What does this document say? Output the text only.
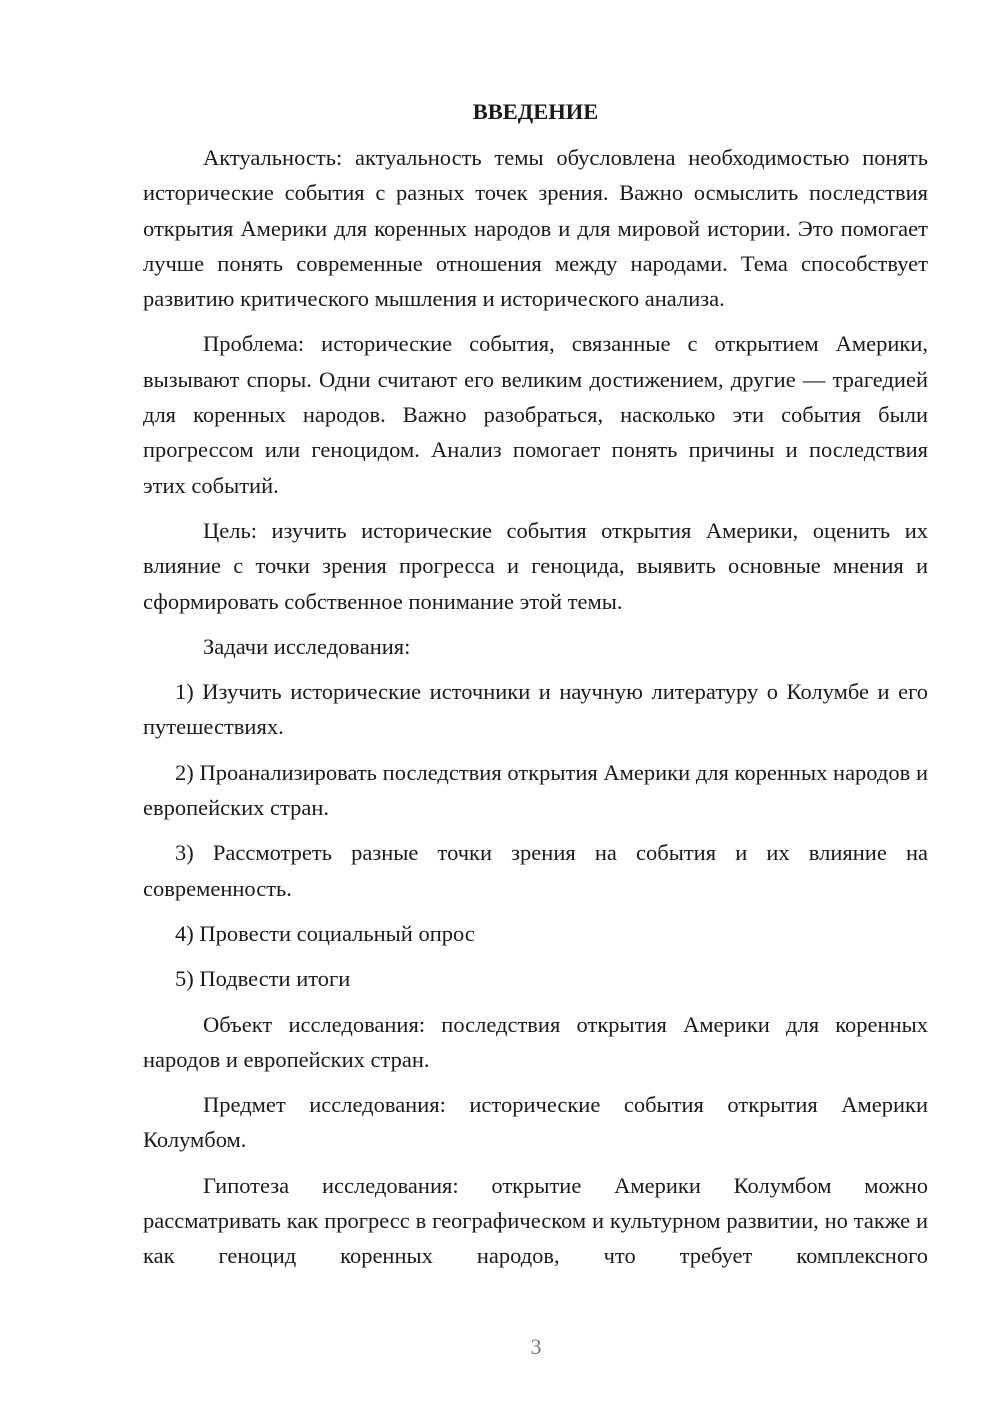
ВВЕДЕНИЕ

Актуальность: актуальность темы обусловлена необходимостью понять исторические события с разных точек зрения. Важно осмыслить последствия открытия Америки для коренных народов и для мировой истории. Это помогает лучше понять современные отношения между народами. Тема способствует развитию критического мышления и исторического анализа.

Проблема: исторические события, связанные с открытием Америки, вызывают споры. Одни считают его великим достижением, другие — трагедией для коренных народов. Важно разобраться, насколько эти события были прогрессом или геноцидом. Анализ помогает понять причины и последствия этих событий.

Цель: изучить исторические события открытия Америки, оценить их влияние с точки зрения прогресса и геноцида, выявить основные мнения и сформировать собственное понимание этой темы.

Задачи исследования:

1) Изучить исторические источники и научную литературу о Колумбе и его путешествиях.

2) Проанализировать последствия открытия Америки для коренных народов и европейских стран.

3) Рассмотреть разные точки зрения на события и их влияние на современность.

4) Провести социальный опрос

5) Подвести итоги

Объект исследования: последствия открытия Америки для коренных народов и европейских стран.

Предмет исследования: исторические события открытия Америки Колумбом.

Гипотеза исследования: открытие Америки Колумбом можно рассматривать как прогресс в географическом и культурном развитии, но также и как геноцид коренных народов, что требует комплексного

3
